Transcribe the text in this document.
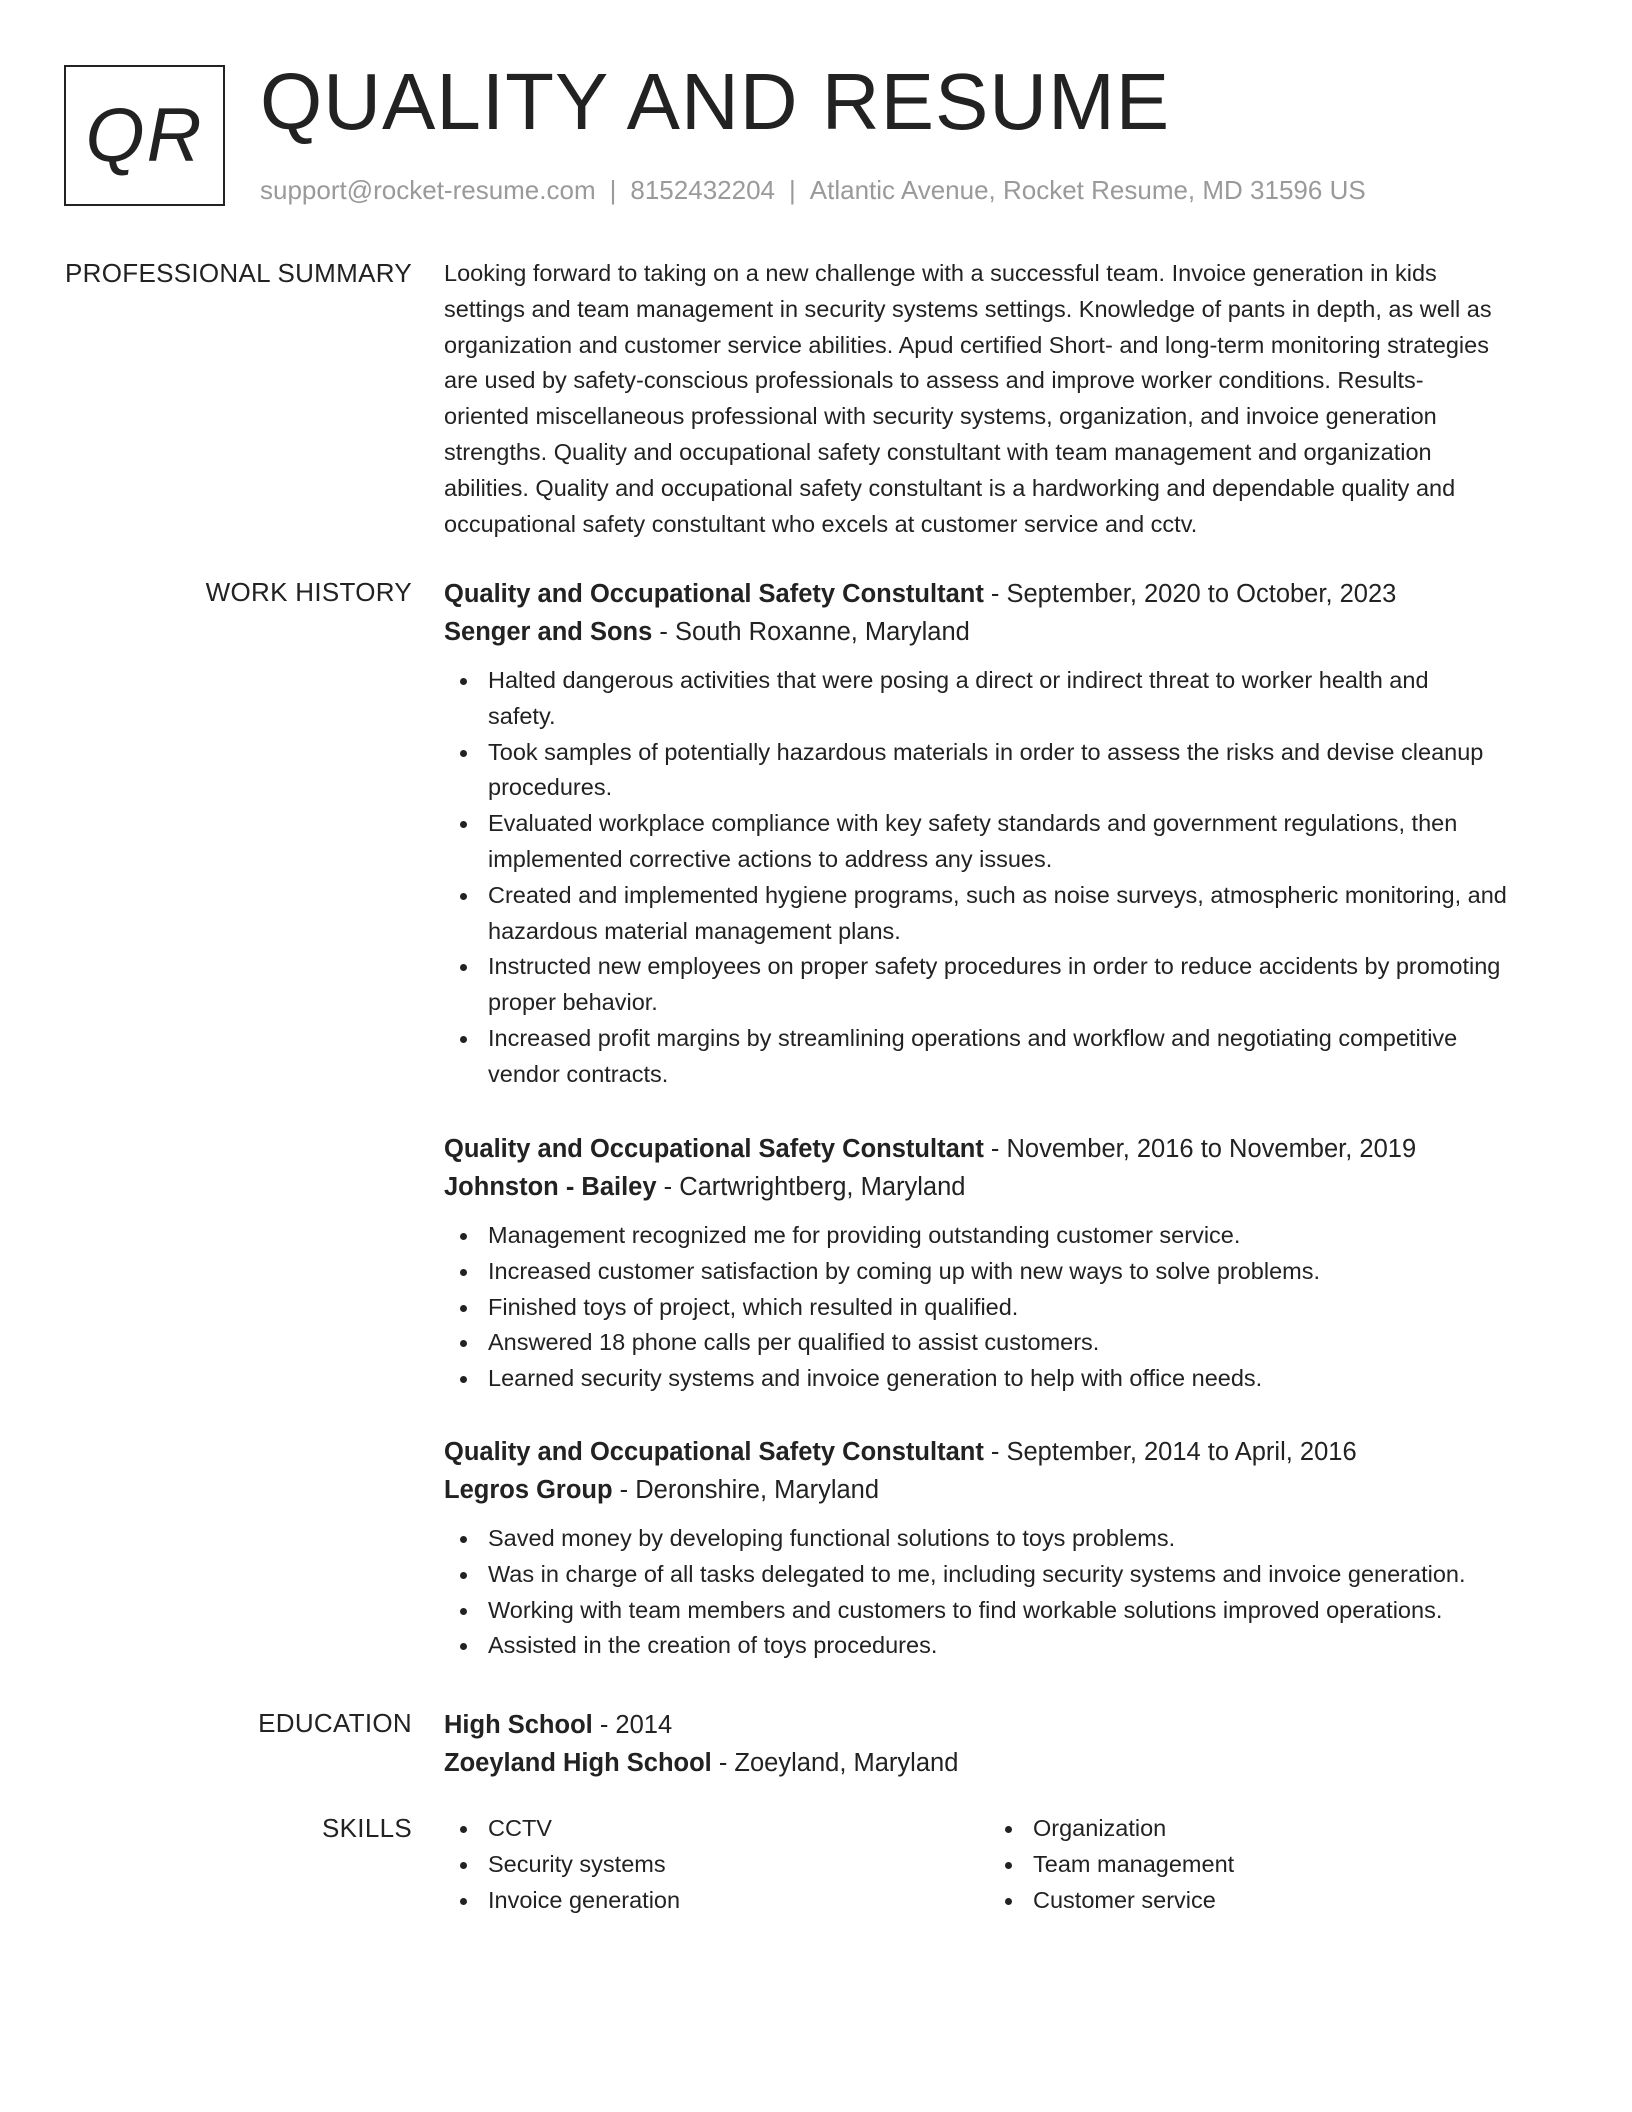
QR QUALITY AND RESUME
support@rocket-resume.com | 8152432204 | Atlantic Avenue, Rocket Resume, MD 31596 US
PROFESSIONAL SUMMARY Looking forward to taking on a new challenge with a successful team. Invoice generation in kids
settings and team management in security systems settings. Knowledge of pants in depth, as well as
organization and customer service abilities. Apud certified Short- and long-term monitoring strategies
are used by safety-conscious professionals to assess and improve worker conditions. Results-
oriented miscellaneous professional with security systems, organization, and invoice generation
strengths. Quality and occupational safety constultant with team management and organization
abilities. Quality and occupational safety constultant is a hardworking and dependable quality and
occupational safety constultant who excels at customer service and cctv.

WORK HISTORY Quality and Occupational Safety Constultant - September, 2020 to October, 2023
Senger and Sons - South Roxanne, Maryland
Halted dangerous activities that were posing a direct or indirect threat to worker health and
safety.
Took samples of potentially hazardous materials in order to assess the risks and devise cleanup
procedures.
Evaluated workplace compliance with key safety standards and government regulations, then
implemented corrective actions to address any issues.
Created and implemented hygiene programs, such as noise surveys, atmospheric monitoring, and
hazardous material management plans.
Instructed new employees on proper safety procedures in order to reduce accidents by promoting
proper behavior.
Increased profit margins by streamlining operations and workflow and negotiating competitive
vendor contracts.
Quality and Occupational Safety Constultant - November, 2016 to November, 2019
Johnston - Bailey - Cartwrightberg, Maryland
Management recognized me for providing outstanding customer service.
Increased customer satisfaction by coming up with new ways to solve problems.
Finished toys of project, which resulted in qualified.
Answered 18 phone calls per qualified to assist customers.
Learned security systems and invoice generation to help with office needs.
Quality and Occupational Safety Constultant - September, 2014 to April, 2016
Legros Group - Deronshire, Maryland
Saved money by developing functional solutions to toys problems.
Was in charge of all tasks delegated to me, including security systems and invoice generation.
Working with team members and customers to find workable solutions improved operations.
Assisted in the creation of toys procedures.
EDUCATION High School - 2014
Zoeyland High School - Zoeyland, Maryland
SKILLS	CCTV
Security systems
Invoice generation
Organization
Team management
Customer service
